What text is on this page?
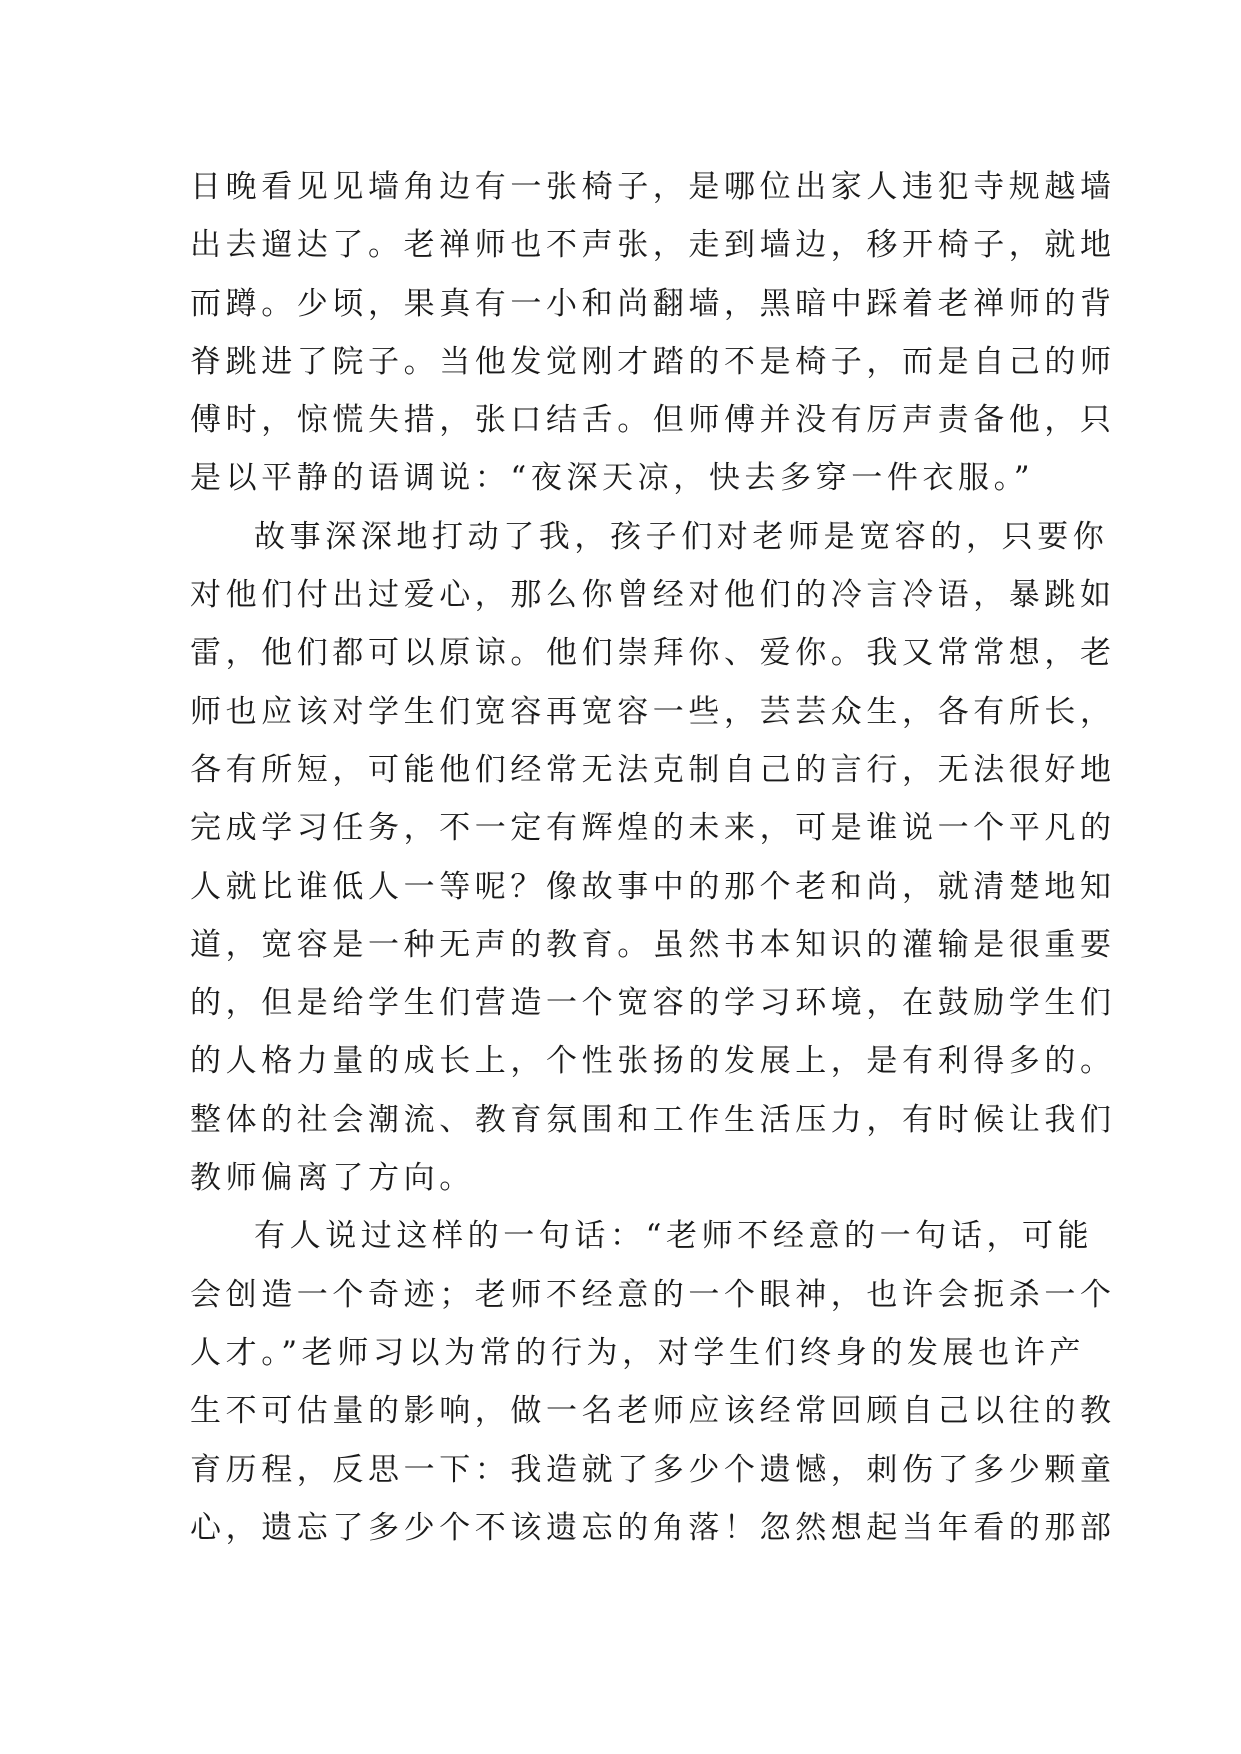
日晚看见见墙角边有一张椅子，是哪位出家人违犯寺规越墙
出去遛达了。老禅师也不声张，走到墙边，移开椅子，就地
而蹲。少顷，果真有一小和尚翻墙，黑暗中踩着老禅师的背
脊跳进了院子。当他发觉刚才踏的不是椅子，而是自己的师
傅时，惊慌失措，张口结舌。但师傅并没有厉声责备他，只
是以平静的语调说：“夜深天凉，快去多穿一件衣服。”
故事深深地打动了我，孩子们对老师是宽容的，只要你
对他们付出过爱心，那么你曾经对他们的冷言冷语，暴跳如
雷，他们都可以原谅。他们崇拜你、爱你。我又常常想，老
师也应该对学生们宽容再宽容一些，芸芸众生，各有所长，
各有所短，可能他们经常无法克制自己的言行，无法很好地
完成学习任务，不一定有辉煌的未来，可是谁说一个平凡的
人就比谁低人一等呢？像故事中的那个老和尚，就清楚地知
道，宽容是一种无声的教育。虽然书本知识的灌输是很重要
的，但是给学生们营造一个宽容的学习环境，在鼓励学生们
的人格力量的成长上，个性张扬的发展上，是有利得多的。
整体的社会潮流、教育氛围和工作生活压力，有时候让我们
教师偏离了方向。
有人说过这样的一句话：“老师不经意的一句话，可能
会创造一个奇迹；老师不经意的一个眼神，也许会扼杀一个
人才。”老师习以为常的行为，对学生们终身的发展也许产
生不可估量的影响，做一名老师应该经常回顾自己以往的教
育历程，反思一下：我造就了多少个遗憾，刺伤了多少颗童
心，遗忘了多少个不该遗忘的角落！忽然想起当年看的那部
